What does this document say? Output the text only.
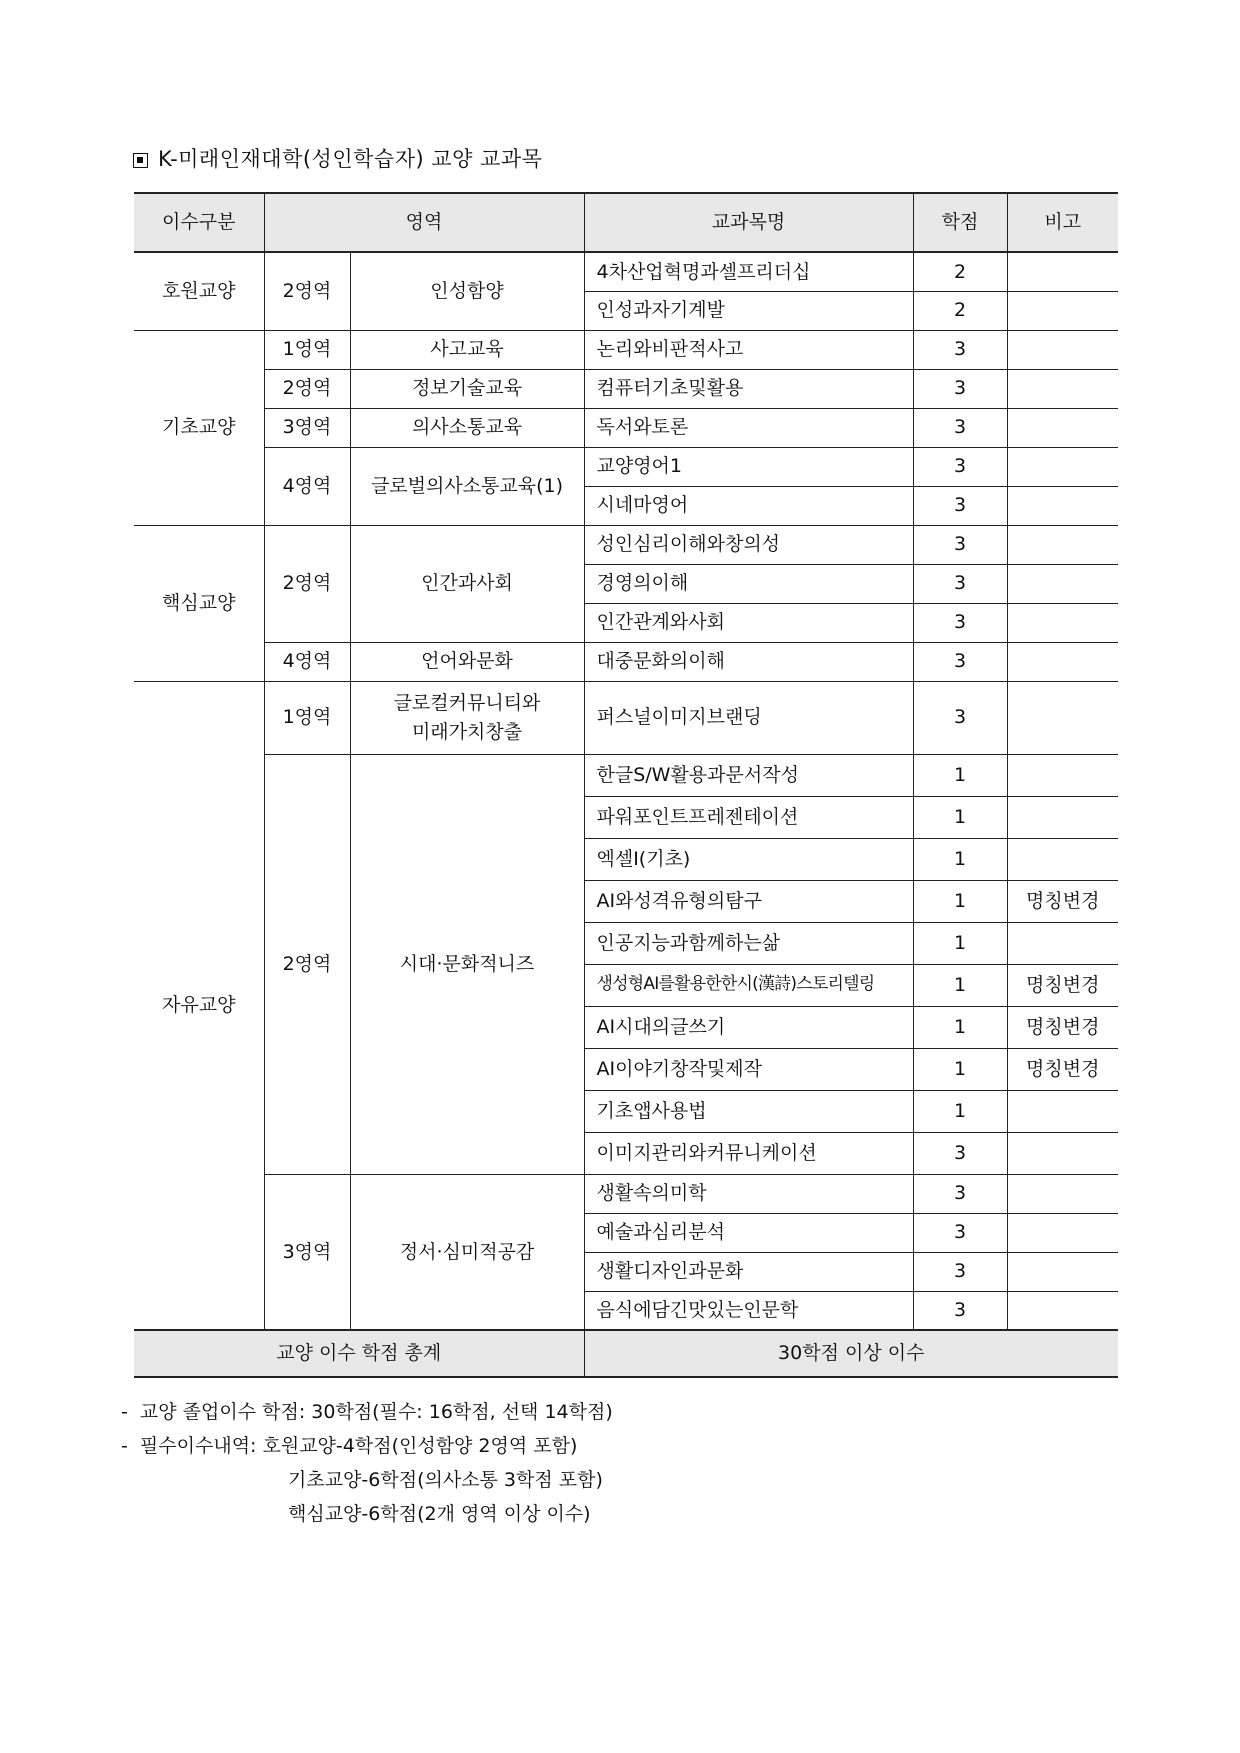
K-미래인재대학(성인학습자) 교양 교과목
이수구분	영역		교과목명	학점	비고
호원교양	2영역	인성함양	4차산업혁명과셀프리더십	2	
			인성과자기계발	2	
기초교양	1영역	사고교육	논리와비판적사고	3	
	2영역	정보기술교육	컴퓨터기초및활용	3	
	3영역	의사소통교육	독서와토론	3	
	4영역	글로벌의사소통교육(1)	교양영어1	3	
			시네마영어	3	
핵심교양	2영역	인간과사회	성인심리이해와창의성	3	
			경영의이해	3	
			인간관계와사회	3	
	4영역	언어와문화	대중문화의이해	3	
자유교양	1영역	글로컬커뮤니티와
미래가치창출	퍼스널이미지브랜딩	3	
	2영역	시대·문화적니즈	한글S/W활용과문서작성	1	
			파워포인트프레젠테이션	1	
			엑셀Ⅰ(기초)	1	
			AI와성격유형의탐구	1	명칭변경
			인공지능과함께하는삶	1	
			생성형AI를활용한한시(漢詩)스토리텔링	1	명칭변경
			AI시대의글쓰기	1	명칭변경
			AI이야기창작및제작	1	명칭변경
			기초앱사용법	1	
			이미지관리와커뮤니케이션	3	
	3영역	정서·심미적공감	생활속의미학	3	
			예술과심리분석	3	
			생활디자인과문화	3	
			음식에담긴맛있는인문학	3	
교양 이수 학점 총계			30학점 이상 이수		
-  교양 졸업이수 학점: 30학점(필수: 16학점, 선택 14학점)
-  필수이수내역: 호원교양-4학점(인성함양 2영역 포함)
기초교양-6학점(의사소통 3학점 포함)
핵심교양-6학점(2개 영역 이상 이수)
